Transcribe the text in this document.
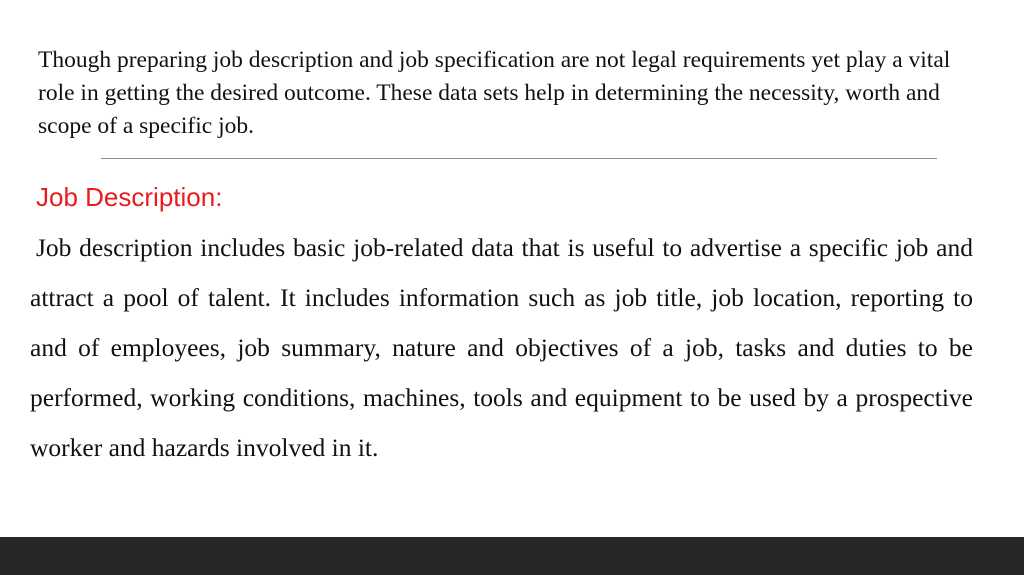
Though preparing job description and job specification are not legal requirements yet play a vital role in getting the desired outcome. These data sets help in determining the necessity, worth and scope of a specific job.

Job Description:

Job description includes basic job-related data that is useful to advertise a specific job and attract a pool of talent. It includes information such as job title, job location, reporting to and of employees, job summary, nature and objectives of a job, tasks and duties to be performed, working conditions, machines, tools and equipment to be used by a prospective worker and hazards involved in it.
